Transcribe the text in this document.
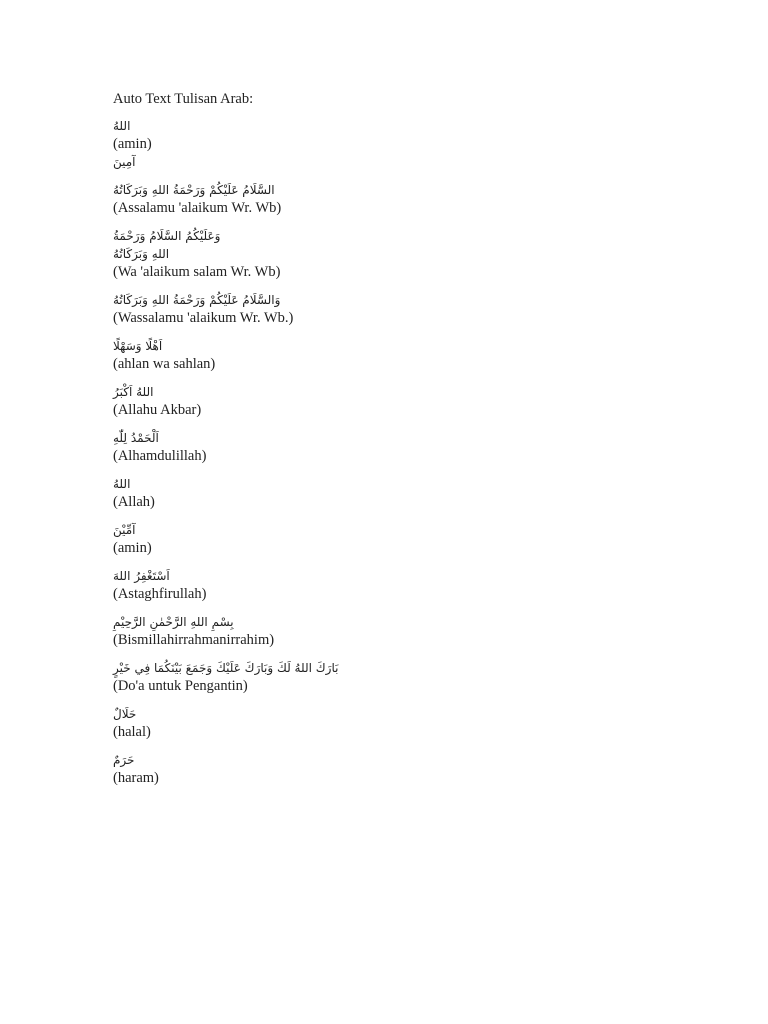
Auto Text Tulisan Arab:
اللهُ
(amin)
آمِينَ
السَّلَامُ عَلَيْكُمْ وَرَحْمَةُ اللهِ وَبَرَكَاتُهُ
(Assalamu 'alaikum Wr. Wb)
وَعَلَيْكُمُ السَّلَامُ وَرَحْمَةُ اللهِ وَبَرَكَاتُهُ
(Wa 'alaikum salam Wr. Wb)
وَالسَّلَامُ عَلَيْكُمْ وَرَحْمَةُ اللهِ وَبَرَكَاتُهُ
(Wassalamu 'alaikum Wr. Wb.)
اَهْلًا وَسَهْلًا
(ahlan wa sahlan)
اللهُ اَكْبَرُ
(Allahu Akbar)
اَلْحَمْدُ لِلّٰهِ
(Alhamdulillah)
اللهُ
(Allah)
آمِّيْنَ
(amin)
اَسْتَغْفِرُ اللهَ
(Astaghfirullah)
بِسْمِ اللهِ الرَّحْمٰنِ الرَّحِيْمِ
(Bismillahirrahmanirrahim)
بَارَكَ اللهُ لَكَ وَبَارَكَ عَلَيْكَ وَجَمَعَ بَيْنَكُمَا فِي خَيْرٍ
(Do'a untuk Pengantin)
حَلَالٌ
(halal)
حَرَمٌ
(haram)
